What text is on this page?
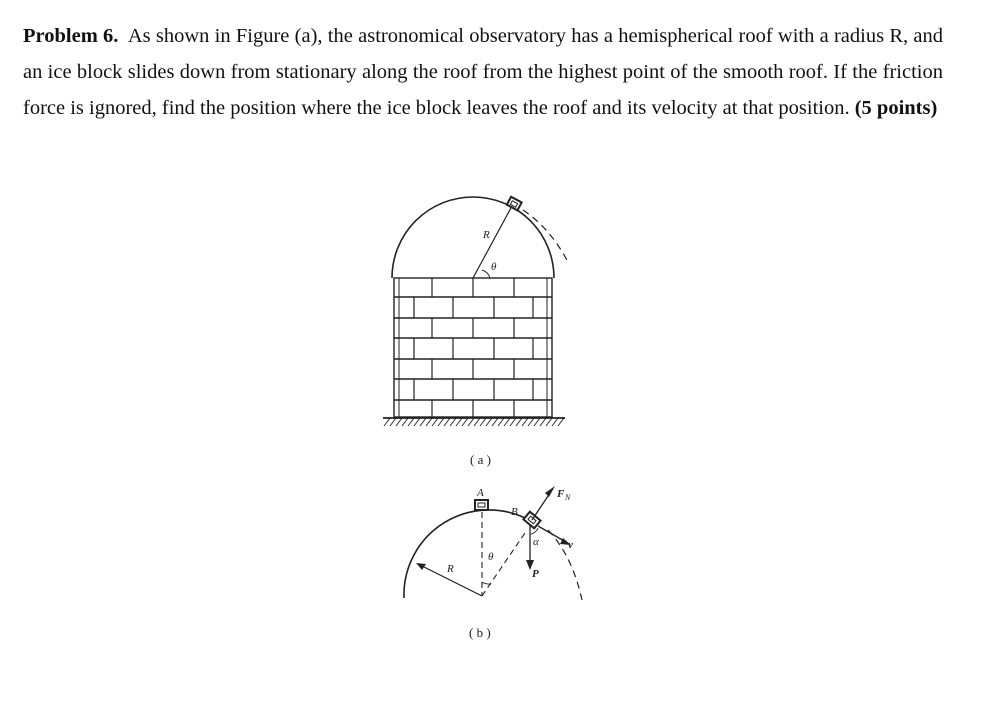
Problem 6. As shown in Figure (a), the astronomical observatory has a hemispherical roof with a radius R, and an ice block slides down from stationary along the roof from the highest point of the smooth roof. If the friction force is ignored, find the position where the ice block leaves the roof and its velocity at that position. (5 points)

R
θ
( a )
A
B
R
θ
α
F N
P
v
( b )
